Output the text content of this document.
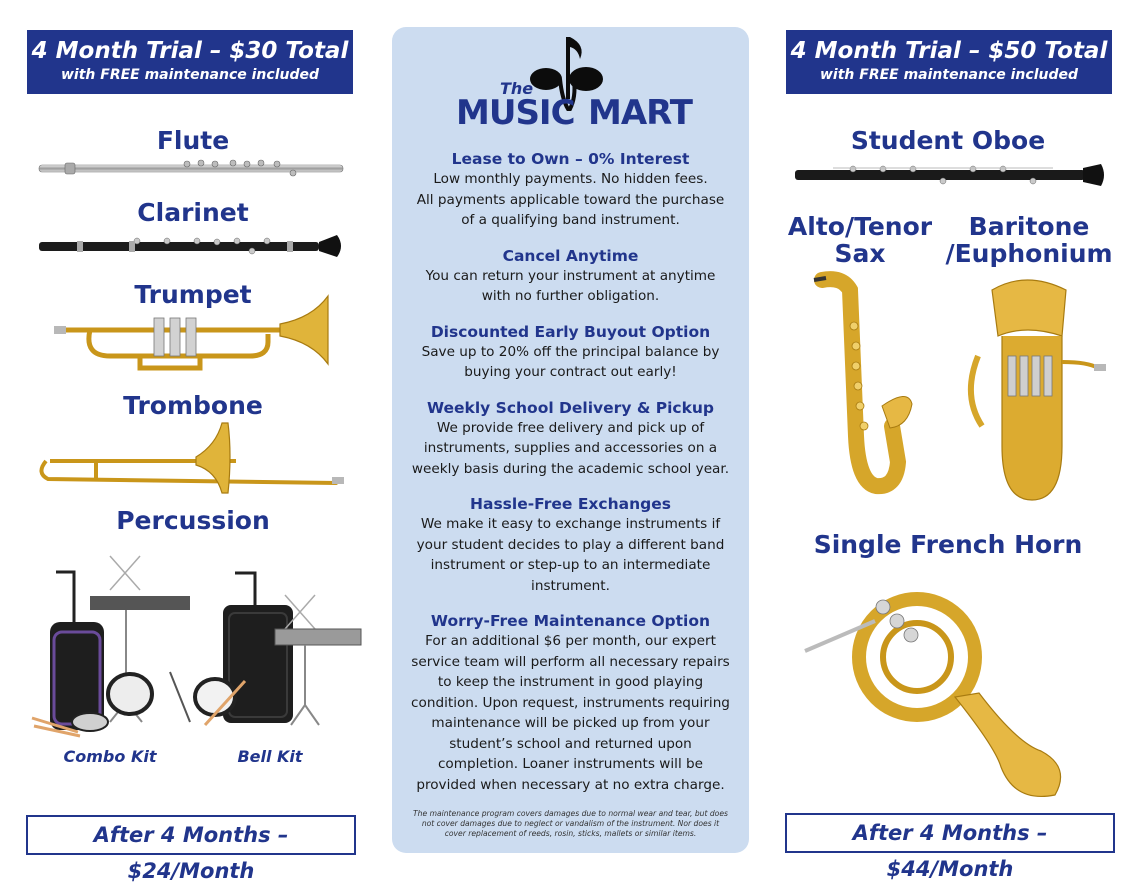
4 Month Trial – $30 Total
with FREE maintenance included
Flute
Clarinet
Trumpet
Trombone
Percussion
Combo Kit	Bell Kit
After 4 Months – $24/Month
The
MUSIC MART

Lease to Own – 0% Interest

Low monthly payments. No hidden fees.

All payments applicable toward the purchase

of a qualifying band instrument.

Cancel Anytime

You can return your instrument at anytime

with no further obligation.

Discounted Early Buyout Option

Save up to 20% off the principal balance by

buying your contract out early!

Weekly School Delivery & Pickup

We provide free delivery and pick up of

instruments, supplies and accessories on a

weekly basis during the academic school year.

Hassle-Free Exchanges

We make it easy to exchange instruments if

your student decides to play a different band

instrument or step-up to an intermediate

instrument.

Worry-Free Maintenance Option

For an additional $6 per month, our expert

service team will perform all necessary repairs

to keep the instrument in good playing

condition. Upon request, instruments requiring

maintenance will be picked up from your

student’s school and returned upon

completion. Loaner instruments will be

provided when necessary at no extra charge.

The maintenance program covers damages due to normal wear and tear, but does
not cover damages due to neglect or vandalism of the instrument. Nor does it
cover replacement of reeds, rosin, sticks, mallets or similar items.
4 Month Trial – $50 Total
with FREE maintenance included
Student Oboe
Alto/Tenor
Sax
Baritone
/Euphonium
Single French Horn
After 4 Months – $44/Month
